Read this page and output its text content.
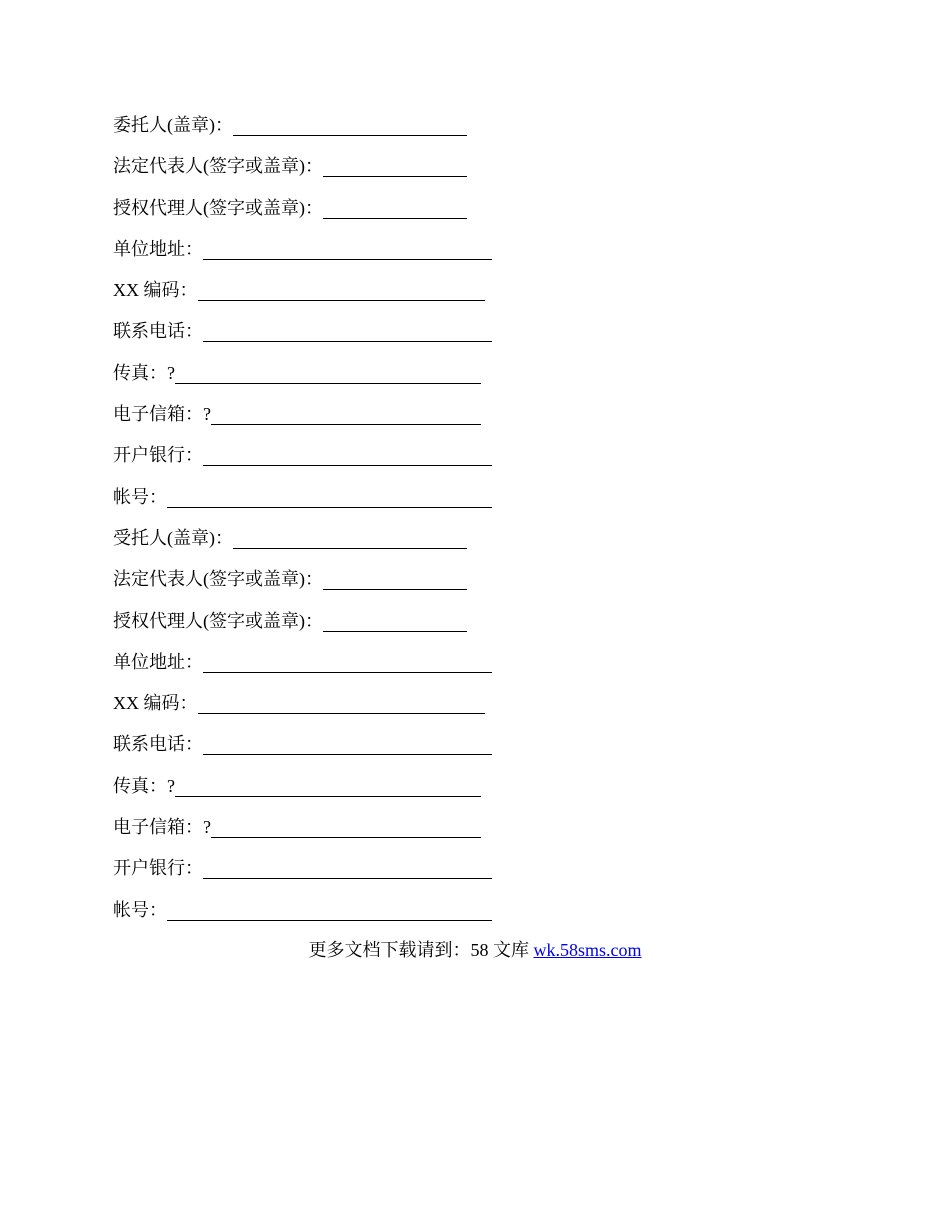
委托人(盖章)：
法定代表人(签字或盖章)：
授权代理人(签字或盖章)：
单位地址：
XX 编码：
联系电话：
传真：?
电子信箱：?
开户银行：
帐号：
受托人(盖章)：
法定代表人(签字或盖章)：
授权代理人(签字或盖章)：
单位地址：
XX 编码：
联系电话：
传真：?
电子信箱：?
开户银行：
帐号：
更多文档下载请到：58 文库 wk.58sms.com
